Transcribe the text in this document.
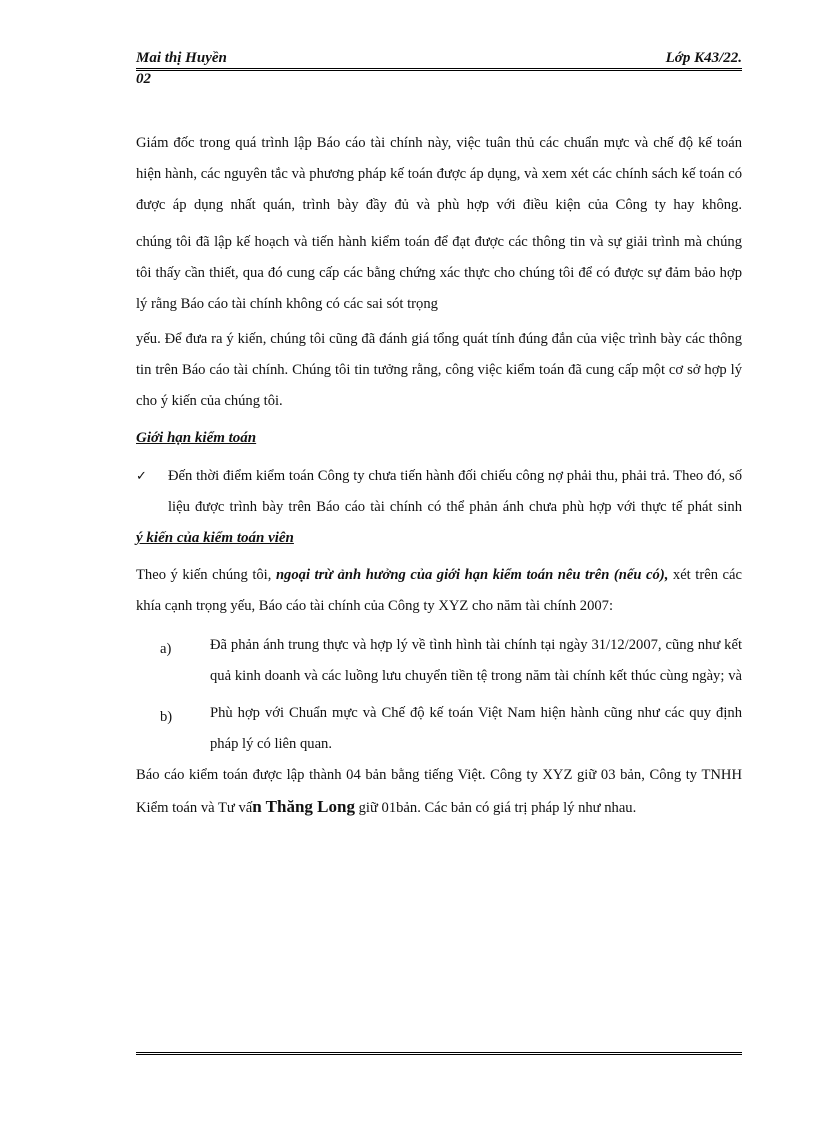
Mai thị Huyền	Lớp K43/22.
02

Giám đốc trong quá trình lập Báo cáo tài chính này, việc tuân thủ các chuẩn mực và chế độ kế toán hiện hành, các nguyên tắc và phương pháp kế toán được áp dụng, và xem xét các chính sách kế toán có được áp dụng nhất quán, trình bày đầy đủ và phù hợp với điều kiện của Công ty hay không.

chúng tôi đã lập kế hoạch và tiến hành kiểm toán để đạt được các thông tin và sự giải trình mà chúng tôi thấy cần thiết, qua đó cung cấp các bằng chứng xác thực cho chúng tôi để có được sự đảm bảo hợp lý rằng Báo cáo tài chính không có các sai sót trọng

yếu. Để đưa ra ý kiến, chúng tôi cũng đã đánh giá tổng quát tính đúng đắn của việc trình bày các thông tin trên Báo cáo tài chính. Chúng tôi tin tưởng rằng, công việc kiểm toán đã cung cấp một cơ sở hợp lý cho ý kiến của chúng tôi.

Giới hạn kiểm toán
✓	Đến thời điểm kiểm toán Công ty chưa tiến hành đối chiếu công nợ phải thu, phải trả. Theo đó, số liệu được trình bày trên Báo cáo tài chính có thể phản ánh chưa phù hợp với thực tế phát sinh

ý kiến của kiểm toán viên

Theo ý kiến chúng tôi, ngoại trừ ảnh hưởng của giới hạn kiểm toán nêu trên (nếu có), xét trên các khía cạnh trọng yếu, Báo cáo tài chính của Công ty XYZ cho năm tài chính 2007:

a)	Đã phản ánh trung thực và hợp lý về tình hình tài chính tại ngày 31/12/2007, cũng như kết quả kinh doanh và các luồng lưu chuyển tiền tệ trong năm tài chính kết thúc cùng ngày; và

b)	Phù hợp với Chuẩn mực và Chế độ kế toán Việt Nam hiện hành cũng như các quy định pháp lý có liên quan.

Báo cáo kiểm toán được lập thành 04 bản bằng tiếng Việt. Công ty XYZ giữ 03 bản, Công ty TNHH Kiểm toán và Tư vấn Thăng Long giữ 01bản. Các bản có giá trị pháp lý như nhau.
